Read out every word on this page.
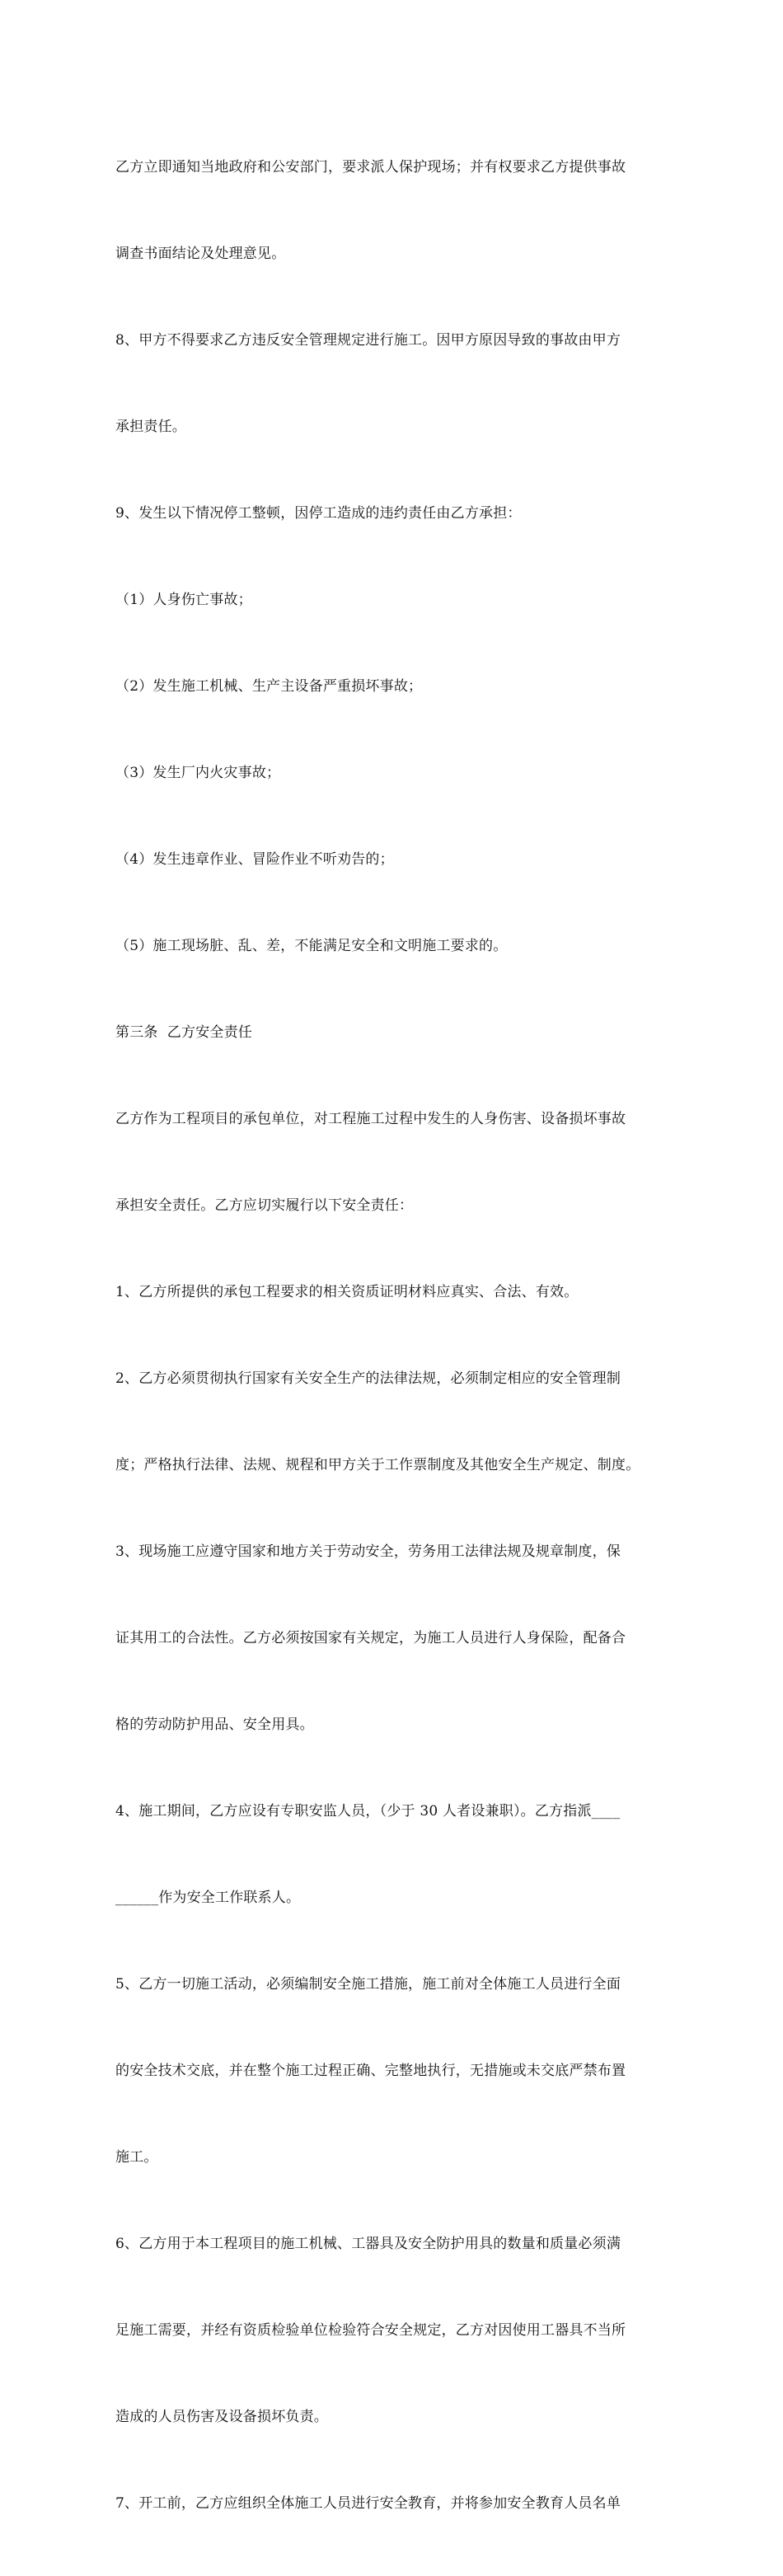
乙方立即通知当地政府和公安部门，要求派人保护现场；并有权要求乙方提供事故

调查书面结论及处理意见。

8、甲方不得要求乙方违反安全管理规定进行施工。因甲方原因导致的事故由甲方

承担责任。

9、发生以下情况停工整顿，因停工造成的违约责任由乙方承担：

（1）人身伤亡事故；

（2）发生施工机械、生产主设备严重损坏事故；

（3）发生厂内火灾事故；

（4）发生违章作业、冒险作业不听劝告的；

（5）施工现场脏、乱、差，不能满足安全和文明施工要求的。

第三条  乙方安全责任

乙方作为工程项目的承包单位，对工程施工过程中发生的人身伤害、设备损坏事故

承担安全责任。乙方应切实履行以下安全责任：

1、乙方所提供的承包工程要求的相关资质证明材料应真实、合法、有效。

2、乙方必须贯彻执行国家有关安全生产的法律法规，必须制定相应的安全管理制

度；严格执行法律、法规、规程和甲方关于工作票制度及其他安全生产规定、制度。

3、现场施工应遵守国家和地方关于劳动安全，劳务用工法律法规及规章制度，保

证其用工的合法性。乙方必须按国家有关规定，为施工人员进行人身保险，配备合

格的劳动防护用品、安全用具。

4、施工期间，乙方应设有专职安监人员，（少于 30 人者设兼职）。乙方指派____

______作为安全工作联系人。

5、乙方一切施工活动，必须编制安全施工措施，施工前对全体施工人员进行全面

的安全技术交底，并在整个施工过程正确、完整地执行，无措施或未交底严禁布置

施工。

6、乙方用于本工程项目的施工机械、工器具及安全防护用具的数量和质量必须满

足施工需要，并经有资质检验单位检验符合安全规定，乙方对因使用工器具不当所

造成的人员伤害及设备损坏负责。

7、开工前，乙方应组织全体施工人员进行安全教育，并将参加安全教育人员名单
